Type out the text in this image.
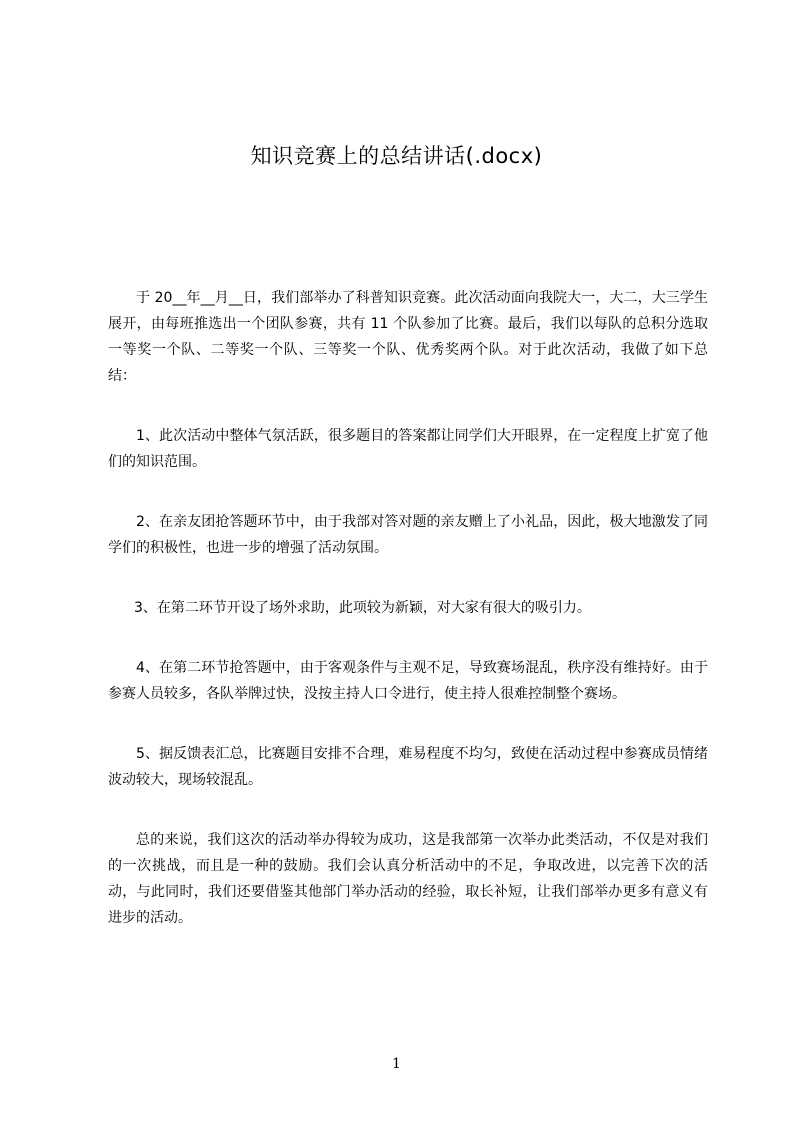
知识竞赛上的总结讲话(.docx)

于 20__年__月__日，我们部举办了科普知识竞赛。此次活动面向我院大一，大二，大三学生展开，由每班推选出一个团队参赛，共有 11 个队参加了比赛。最后，我们以每队的总积分选取一等奖一个队、二等奖一个队、三等奖一个队、优秀奖两个队。对于此次活动，我做了如下总结：

1、此次活动中整体气氛活跃，很多题目的答案都让同学们大开眼界，在一定程度上扩宽了他们的知识范围。

2、在亲友团抢答题环节中，由于我部对答对题的亲友赠上了小礼品，因此，极大地激发了同学们的积极性，也进一步的增强了活动氛围。

3、在第二环节开设了场外求助，此项较为新颖，对大家有很大的吸引力。

4、在第二环节抢答题中，由于客观条件与主观不足，导致赛场混乱，秩序没有维持好。由于参赛人员较多，各队举牌过快，没按主持人口令进行，使主持人很难控制整个赛场。

5、据反馈表汇总，比赛题目安排不合理，难易程度不均匀，致使在活动过程中参赛成员情绪波动较大，现场较混乱。

总的来说，我们这次的活动举办得较为成功，这是我部第一次举办此类活动，不仅是对我们的一次挑战，而且是一种的鼓励。我们会认真分析活动中的不足，争取改进，以完善下次的活动，与此同时，我们还要借鉴其他部门举办活动的经验，取长补短，让我们部举办更多有意义有进步的活动。

1
